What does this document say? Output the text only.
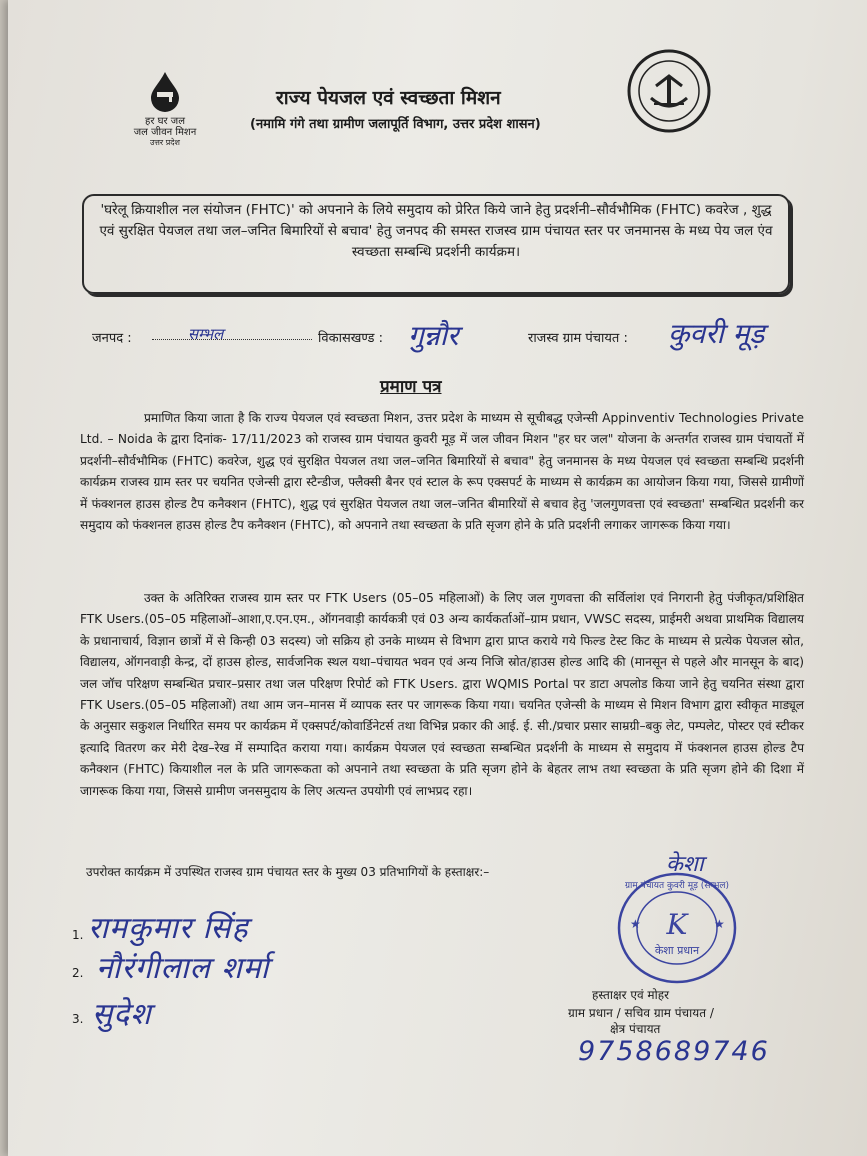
हर घर जल
जल जीवन मिशन
उत्तर प्रदेश
राज्य पेयजल एवं स्वच्छता मिशन
(नमामि गंगे तथा ग्रामीण जलापूर्ति विभाग, उत्तर प्रदेश शासन)
'घरेलू क्रियाशील नल संयोजन (FHTC)' को अपनाने के लिये समुदाय को प्रेरित किये जाने हेतु प्रदर्शनी–सौर्वभौमिक (FHTC) कवरेज , शुद्ध एवं सुरक्षित पेयजल तथा जल–जनित बिमारियों से बचाव' हेतु जनपद की समस्त राजस्व ग्राम पंचायत स्तर पर जनमानस के मध्य पेय जल एंव स्वच्छता सम्बन्धि प्रदर्शनी कार्यक्रम।
जनपद :	सम्भल	विकासखण्ड : गुन्नौर	राजस्व ग्राम पंचायत : कुवरी मूड़
प्रमाण पत्र

प्रमाणित किया जाता है कि राज्य पेयजल एवं स्वच्छता मिशन, उत्तर प्रदेश के माध्यम से सूचीबद्ध एजेन्सी Appinventiv Technologies Private Ltd. – Noida के द्वारा दिनांक- 17/11/2023 को राजस्व ग्राम पंचायत कुवरी मूड़ में जल जीवन मिशन "हर घर जल" योजना के अन्तर्गत राजस्व ग्राम पंचायतों में प्रदर्शनी–सौर्वभौमिक (FHTC) कवरेज, शुद्ध एवं सुरक्षित पेयजल तथा जल–जनित बिमारियों से बचाव" हेतु जनमानस के मध्य पेयजल एवं स्वच्छता सम्बन्धि प्रदर्शनी कार्यक्रम राजस्व ग्राम स्तर पर चयनित एजेन्सी द्वारा स्टैन्डीज, फ्लैक्सी बैनर एवं स्टाल के रूप एक्सपर्ट के माध्यम से कार्यक्रम का आयोजन किया गया, जिससे ग्रामीणों में फंक्शनल हाउस होल्ड टैप कनैक्शन (FHTC), शुद्ध एवं सुरक्षित पेयजल तथा जल–जनित बीमारियों से बचाव हेतु 'जलगुणवत्ता एवं स्वच्छता' सम्बन्धित प्रदर्शनी कर समुदाय को फंक्शनल हाउस होल्ड टैप कनैक्शन (FHTC), को अपनाने तथा स्वच्छता के प्रति सृजग होने के प्रति प्रदर्शनी लगाकर जागरूक किया गया।

उक्त के अतिरिक्त राजस्व ग्राम स्तर पर FTK Users (05–05 महिलाओं) के लिए जल गुणवत्ता की सर्विलांश एवं निगरानी हेतु पंजीकृत/प्रशिक्षित FTK Users.(05–05 महिलाओं–आशा,ए.एन.एम., ऑगनवाड़ी कार्यकत्री एवं 03 अन्य कार्यकर्ताओं–ग्राम प्रधान, VWSC सदस्य, प्राईमरी अथवा प्राथमिक विद्यालय के प्रधानाचार्य, विज्ञान छात्रों में से किन्ही 03 सदस्य) जो सक्रिय हो उनके माध्यम से विभाग द्वारा प्राप्त कराये गये फिल्ड टेस्ट किट के माध्यम से प्रत्येक पेयजल स्रोत, विद्यालय, ऑगनवाड़ी केन्द्र, दों हाउस होल्ड, सार्वजनिक स्थल यथा–पंचायत भवन एवं अन्य निजि स्रोत/हाउस होल्ड आदि की (मानसून से पहले और मानसून के बाद) जल जॉच परिक्षण सम्बन्धित प्रचार–प्रसार तथा जल परिक्षण रिपोर्ट को FTK Users. द्वारा WQMIS Portal पर डाटा अपलोड किया जाने हेतु चयनित संस्था द्वारा FTK Users.(05–05 महिलाओं) तथा आम जन–मानस में व्यापक स्तर पर जागरूक किया गया। चयनित एजेन्सी के माध्यम से मिशन विभाग द्वारा स्वीकृत माड्यूल के अनुसार सकुशल निर्धारित समय पर कार्यक्रम में एक्सपर्ट/कोवार्डिनेटर्स तथा विभिन्न प्रकार की आई. ई. सी./प्रचार प्रसार साम्रग्री–बकु लेट, पम्पलेट, पोस्टर एवं स्टीकर इत्यादि वितरण कर मेरी देख–रेख में सम्पादित कराया गया। कार्यक्रम पेयजल एवं स्वच्छता सम्बन्धित प्रदर्शनी के माध्यम से समुदाय में फंक्शनल हाउस होल्ड टैप कनैक्शन (FHTC) कियाशील नल के प्रति जागरूकता को अपनाने तथा स्वच्छता के प्रति सृजग होने के बेहतर लाभ तथा स्वच्छता के प्रति सृजग होने की दिशा में जागरूक किया गया, जिससे ग्रामीण जनसमुदाय के लिए अत्यन्त उपयोगी एवं लाभप्रद रहा।

उपरोक्त कार्यक्रम में उपस्थित राजस्व ग्राम पंचायत स्तर के मुख्य 03 प्रतिभागियों के हस्ताक्षर:–
1. रामकुमार सिंह
2. नौरंगीलाल शर्मा
3. सुदेश
केशा
K
केशा प्रधान
ग्राम पंचायत कुवरी मूड़ (सम्भल)
★	★
हस्ताक्षर एवं मोहर
ग्राम प्रधान / सचिव ग्राम पंचायत /
क्षेत्र पंचायत
9758689746
